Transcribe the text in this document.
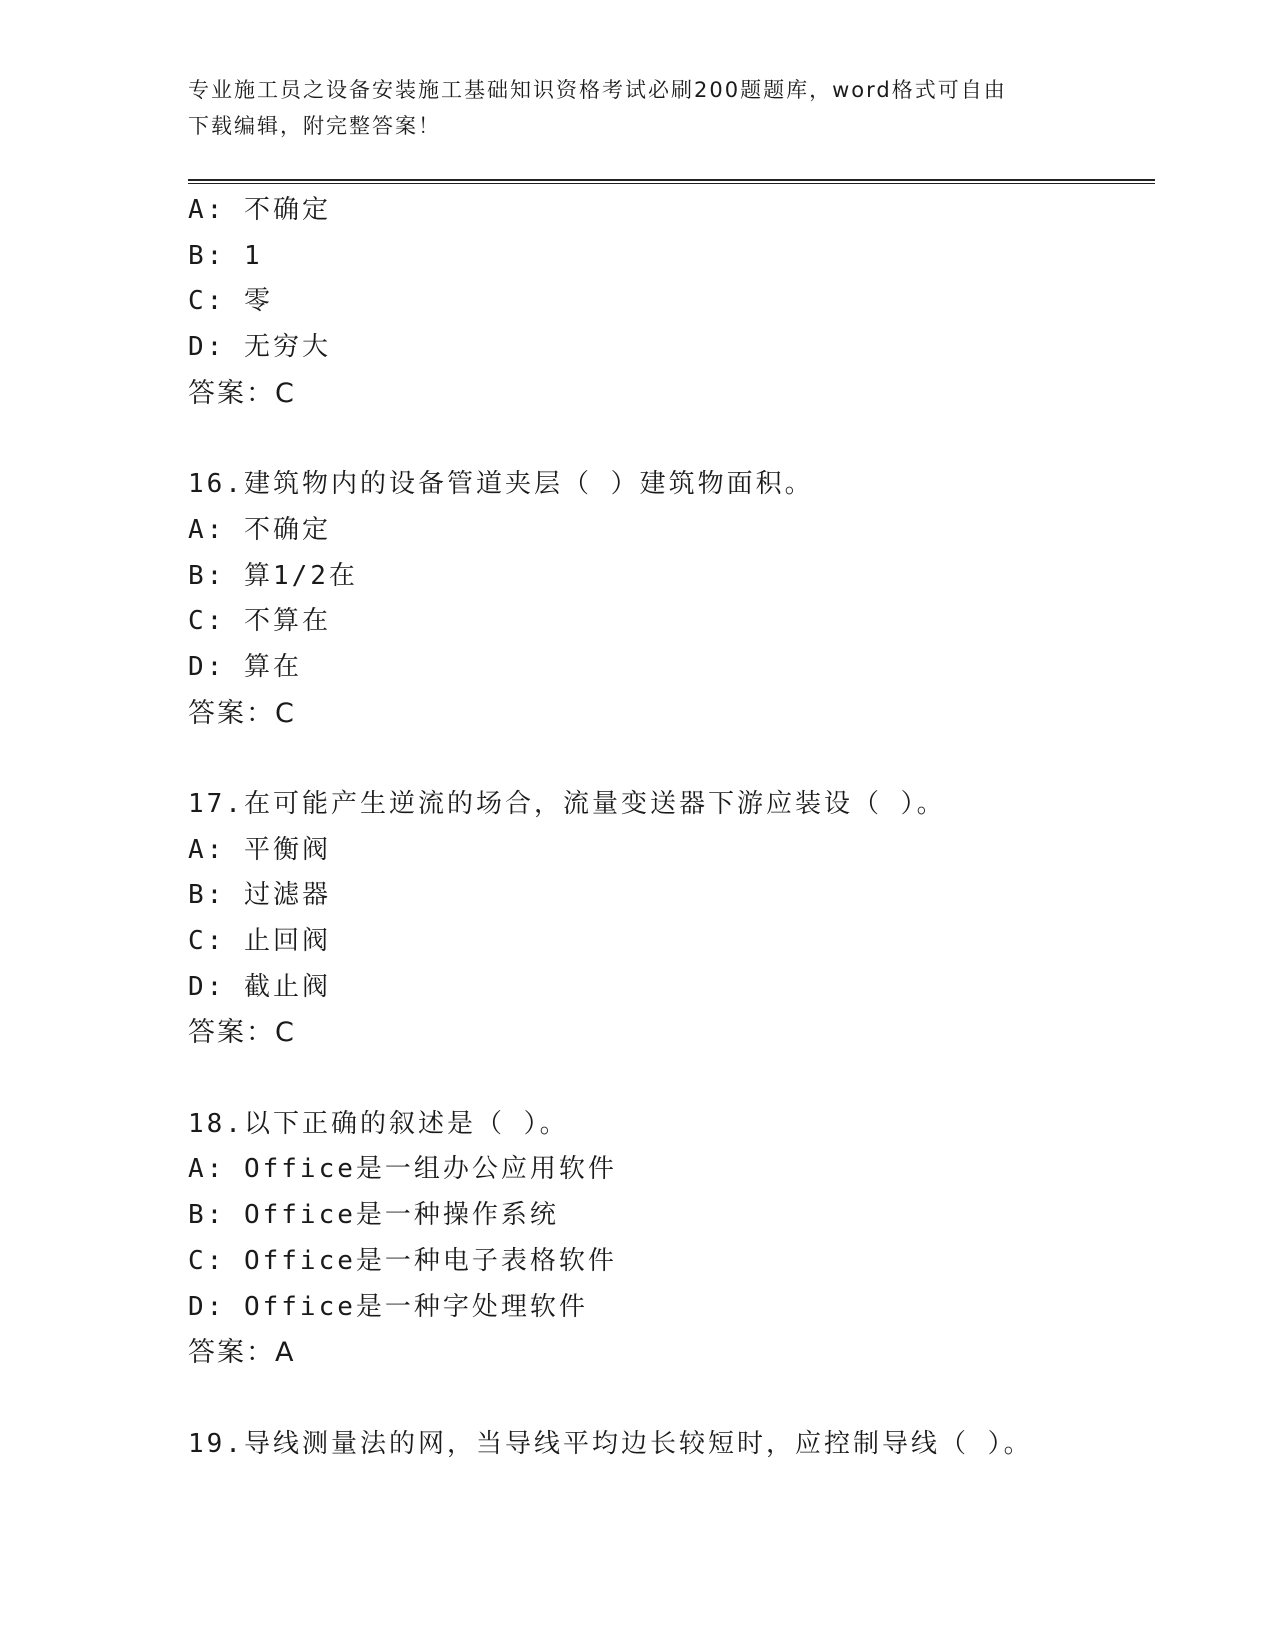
专业施工员之设备安装施工基础知识资格考试必刷200题题库，word格式可自由
下载编辑，附完整答案！
A: 不确定
B: 1
C: 零
D: 无穷大
答案：C
16.建筑物内的设备管道夹层（ ）建筑物面积。
A: 不确定
B: 算1/2在
C: 不算在
D: 算在
答案：C
17.在可能产生逆流的场合，流量变送器下游应装设（ ）。
A: 平衡阀
B: 过滤器
C: 止回阀
D: 截止阀
答案：C
18.以下正确的叙述是（ ）。
A: Office是一组办公应用软件
B: Office是一种操作系统
C: Office是一种电子表格软件
D: Office是一种字处理软件
答案：A
19.导线测量法的网，当导线平均边长较短时，应控制导线（ ）。
